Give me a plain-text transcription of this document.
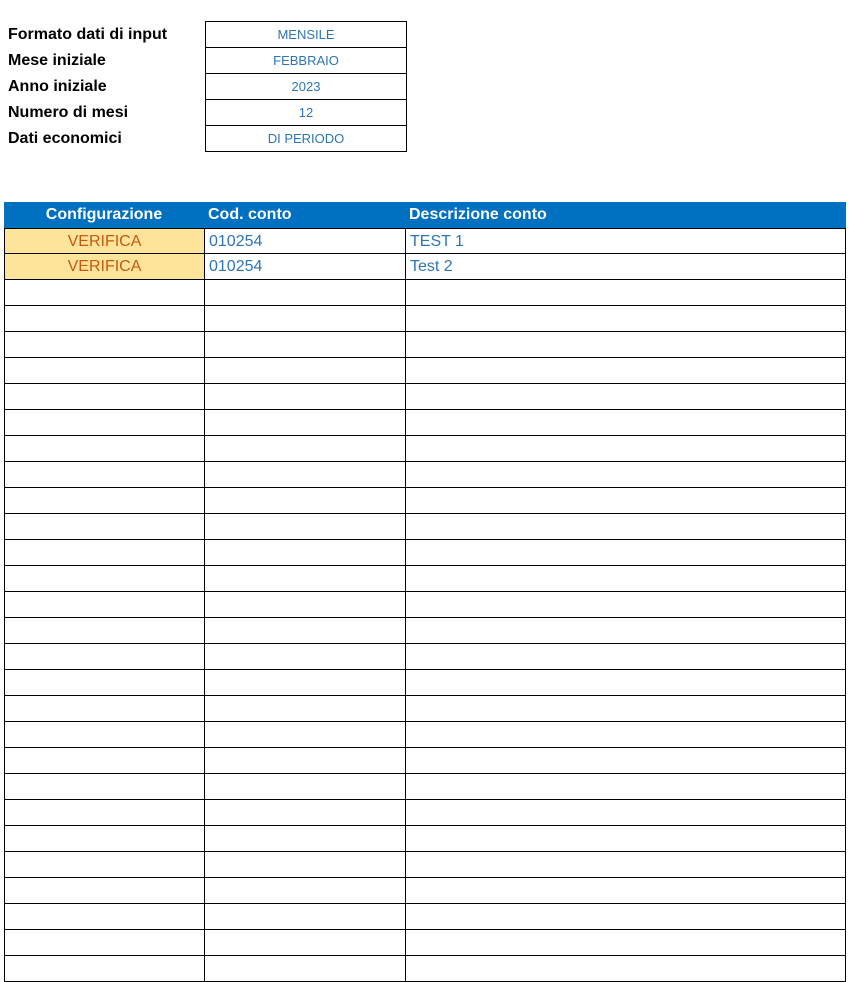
Formato dati di input	MENSILE
Mese iniziale	FEBBRAIO
Anno iniziale	2023
Numero di mesi	12
Dati economici	DI PERIODO
Configurazione	Cod. conto	Descrizione conto
VERIFICA	010254	TEST 1
VERIFICA	010254	Test 2
